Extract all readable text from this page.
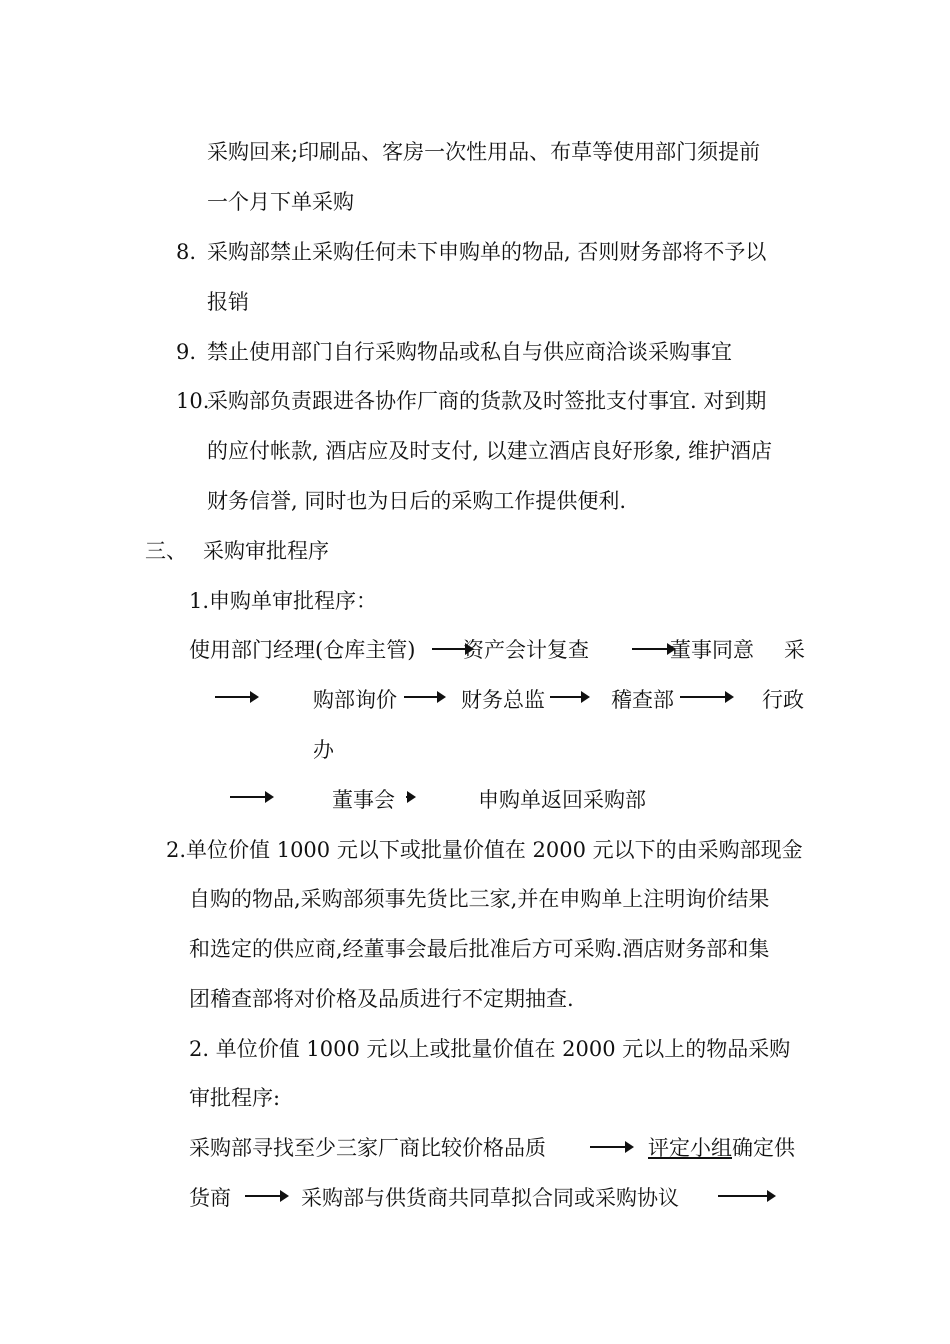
采购回来;印刷品、客房一次性用品、布草等使用部门须提前
一个月下单采购
8. 采购部禁止采购任何未下申购单的物品, 否则财务部将不予以
报销
9. 禁止使用部门自行采购物品或私自与供应商洽谈采购事宜
10.
采购部负责跟进各协作厂商的货款及时签批支付事宜. 对到期
的应付帐款, 酒店应及时支付, 以建立酒店良好形象, 维护酒店
财务信誉, 同时也为日后的采购工作提供便利.
三、 采购审批程序
1.申购单审批程序：
使用部门经理(仓库主管) 资产会计复查	董事同意 采
购部询价	财务总监	稽查部	行政
办
董事会	申购单返回采购部
2.单位价值 1000 元以下或批量价值在 2000 元以下的由采购部现金
自购的物品,采购部须事先货比三家,并在申购单上注明询价结果
和选定的供应商,经董事会最后批准后方可采购.酒店财务部和集
团稽查部将对价格及品质进行不定期抽查.
2. 单位价值 1000 元以上或批量价值在 2000 元以上的物品采购
审批程序:
采购部寻找至少三家厂商比较价格品质	评定小组确定供
货商	采购部与供货商共同草拟合同或采购协议
